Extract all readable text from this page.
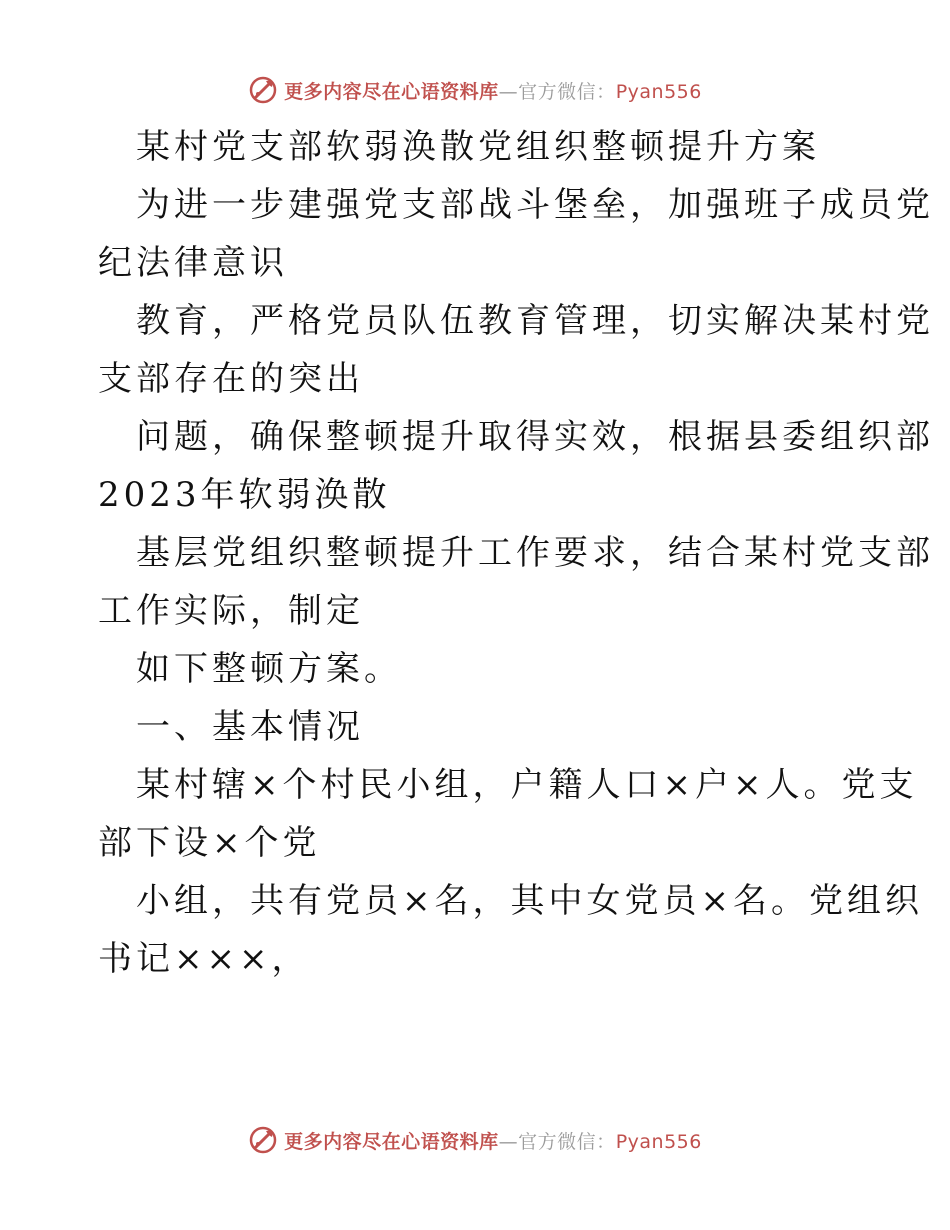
更多内容尽在心语资料库—官方微信：Pyan556
某村党支部软弱涣散党组织整顿提升方案
为进一步建强党支部战斗堡垒，加强班子成员党
纪法律意识
教育，严格党员队伍教育管理，切实解决某村党
支部存在的突出
问题，确保整顿提升取得实效，根据县委组织部
2023年软弱涣散
基层党组织整顿提升工作要求，结合某村党支部
工作实际，制定
如下整顿方案。
一、基本情况
某村辖×个村民小组，户籍人口×户×人。党支
部下设×个党
小组，共有党员×名，其中女党员×名。党组织
书记×××，
更多内容尽在心语资料库—官方微信：Pyan556
